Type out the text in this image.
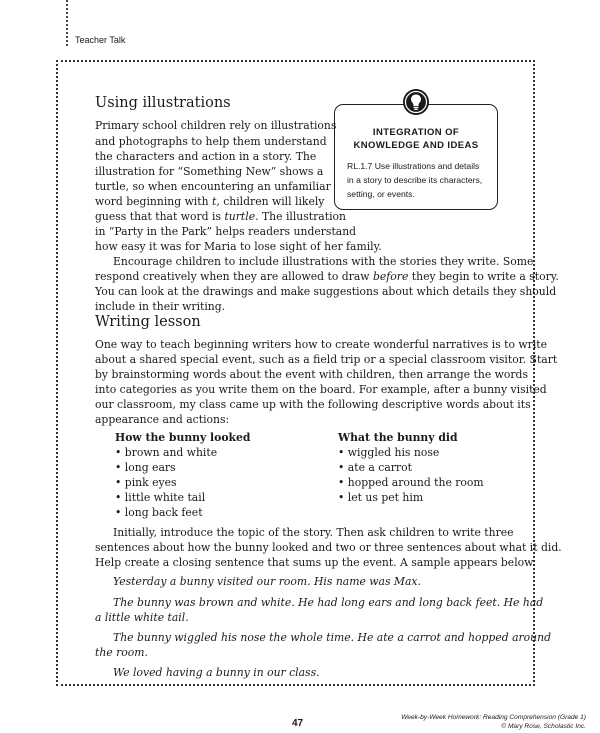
Teacher Talk
INTEGRATION OF
KNOWLEDGE AND IDEAS
RL.1.7 Use illustrations and details
in a story to describe its characters,
setting, or events.
Using illustrations
Primary school children rely on illustrations
and photographs to help them understand
the characters and action in a story. The
illustration for “Something New” shows a
turtle, so when encountering an unfamiliar
word beginning with t, children will likely
guess that that word is turtle. The illustration
in “Party in the Park” helps readers understand
how easy it was for Maria to lose sight of her family.
Encourage children to include illustrations with the stories they write. Some
respond creatively when they are allowed to draw before they begin to write a story.
You can look at the drawings and make suggestions about which details they should
include in their writing.
Writing lesson
One way to teach beginning writers how to create wonderful narratives is to write
about a shared special event, such as a field trip or a special classroom visitor. Start
by brainstorming words about the event with children, then arrange the words
into categories as you write them on the board. For example, after a bunny visited
our classroom, my class came up with the following descriptive words about its
appearance and actions:
How the bunny looked
• brown and white
• long ears
• pink eyes
• little white tail
• long back feet
What the bunny did
• wiggled his nose
• ate a carrot
• hopped around the room
• let us pet him
Initially, introduce the topic of the story. Then ask children to write three
sentences about how the bunny looked and two or three sentences about what it did.
Help create a closing sentence that sums up the event. A sample appears below.
Yesterday a bunny visited our room. His name was Max.
The bunny was brown and white. He had long ears and long back feet. He had
a little white tail.
The bunny wiggled his nose the whole time. He ate a carrot and hopped around
the room.
We loved having a bunny in our class.
47
Week-by-Week Homework: Reading Comprehension (Grade 1)
© Mary Rose, Scholastic Inc.
